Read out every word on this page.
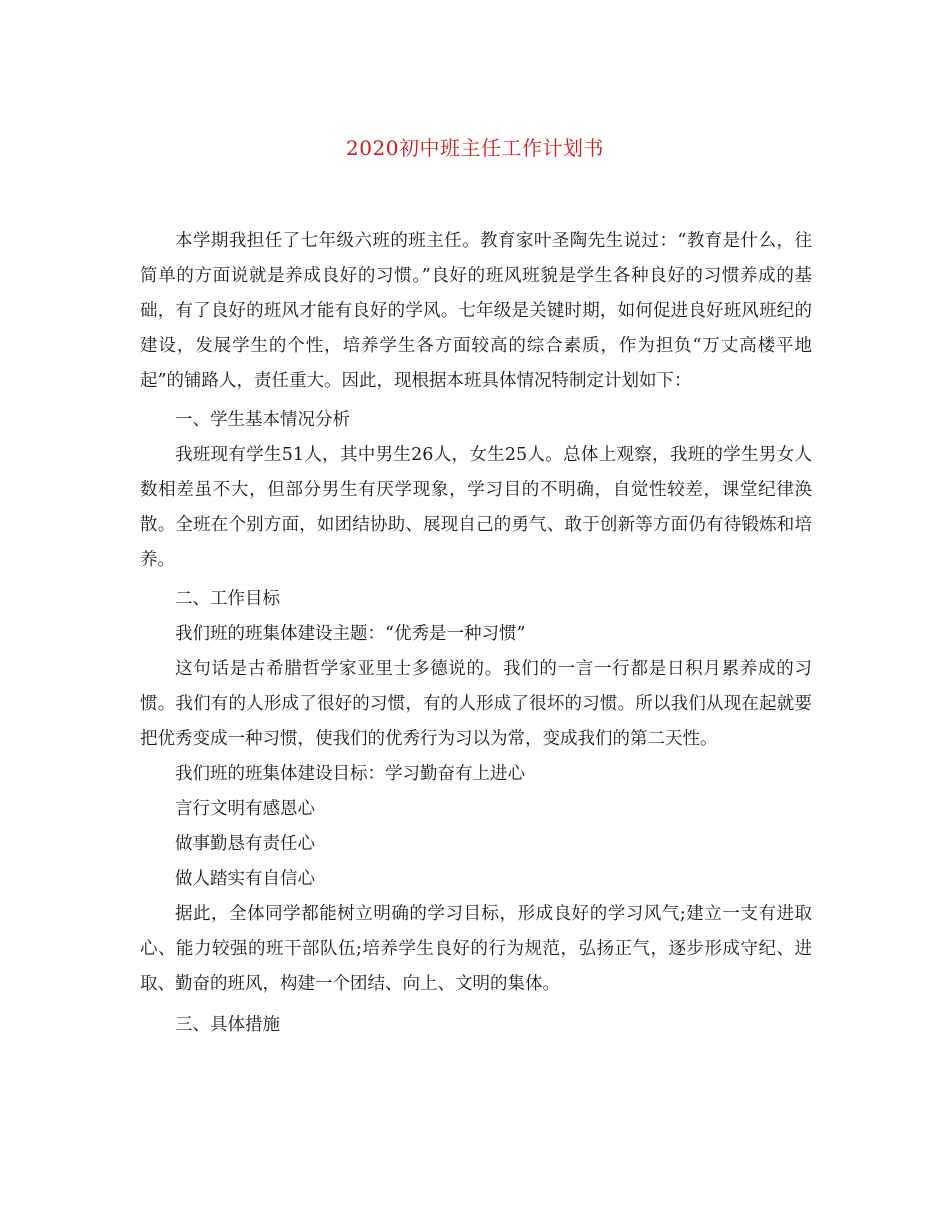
2020初中班主任工作计划书

本学期我担任了七年级六班的班主任。教育家叶圣陶先生说过：“教育是什么，往简单的方面说就是养成良好的习惯。”良好的班风班貌是学生各种良好的习惯养成的基础，有了良好的班风才能有良好的学风。七年级是关键时期，如何促进良好班风班纪的建设，发展学生的个性，培养学生各方面较高的综合素质，作为担负“万丈高楼平地起”的铺路人，责任重大。因此，现根据本班具体情况特制定计划如下：

一、学生基本情况分析

我班现有学生51人，其中男生26人，女生25人。总体上观察，我班的学生男女人数相差虽不大，但部分男生有厌学现象，学习目的不明确，自觉性较差，课堂纪律涣散。全班在个别方面，如团结协助、展现自己的勇气、敢于创新等方面仍有待锻炼和培养。

二、工作目标

我们班的班集体建设主题：“优秀是一种习惯”

这句话是古希腊哲学家亚里士多德说的。我们的一言一行都是日积月累养成的习惯。我们有的人形成了很好的习惯，有的人形成了很坏的习惯。所以我们从现在起就要把优秀变成一种习惯，使我们的优秀行为习以为常，变成我们的第二天性。

我们班的班集体建设目标：学习勤奋有上进心

言行文明有感恩心

做事勤恳有责任心

做人踏实有自信心

据此，全体同学都能树立明确的学习目标，形成良好的学习风气;建立一支有进取心、能力较强的班干部队伍;培养学生良好的行为规范，弘扬正气，逐步形成守纪、进取、勤奋的班风，构建一个团结、向上、文明的集体。

三、具体措施
